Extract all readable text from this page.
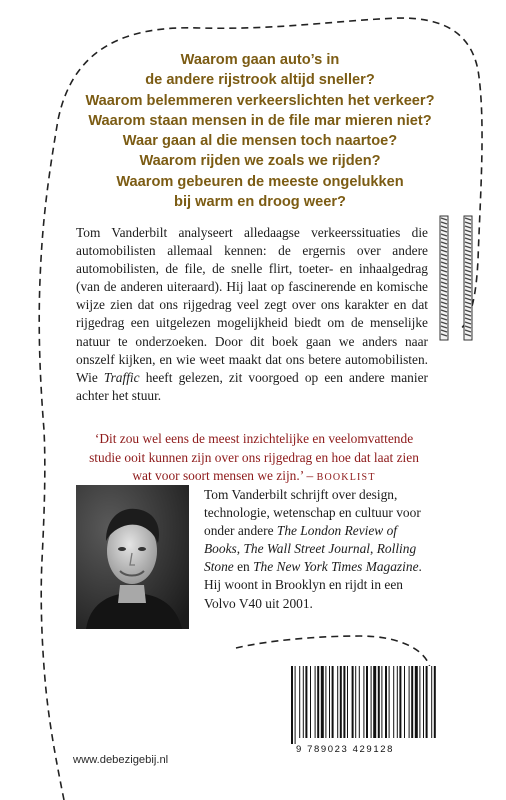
Waarom gaan auto’s in
de andere rijstrook altijd sneller?
Waarom belemmeren verkeerslichten het verkeer?
Waarom staan mensen in de file mar mieren niet?
Waar gaan al die mensen toch naartoe?
Waarom rijden we zoals we rijden?
Waarom gebeuren de meeste ongelukken
bij warm en droog weer?

Tom Vanderbilt analyseert alledaagse verkeerssituaties die automobilisten allemaal kennen: de ergernis over andere automobilisten, de file, de snelle flirt, toeter- en inhaalgedrag (van de anderen uiteraard). Hij laat op fascinerende en komische wijze zien dat ons rijgedrag veel zegt over ons karakter en dat rijgedrag een uitgelezen mogelijkheid biedt om de menselijke natuur te onderzoeken. Door dit boek gaan we anders naar onszelf kijken, en wie weet maakt dat ons betere automobilisten. Wie Traffic heeft gelezen, zit voorgoed op een andere manier achter het stuur.

‘Dit zou wel eens de meest inzichtelijke en veelomvattende studie ooit kunnen zijn over ons rijgedrag en hoe dat laat zien wat voor soort mensen we zijn.’ – BOOKLIST

Tom Vanderbilt schrijft over design, technologie, wetenschap en cultuur voor onder andere The London Review of Books, The Wall Street Journal, Rolling Stone en The New York Times Magazine. Hij woont in Brooklyn en rijdt in een Volvo V40 uit 2001.

9 789023 429128
www.debezigebij.nl
